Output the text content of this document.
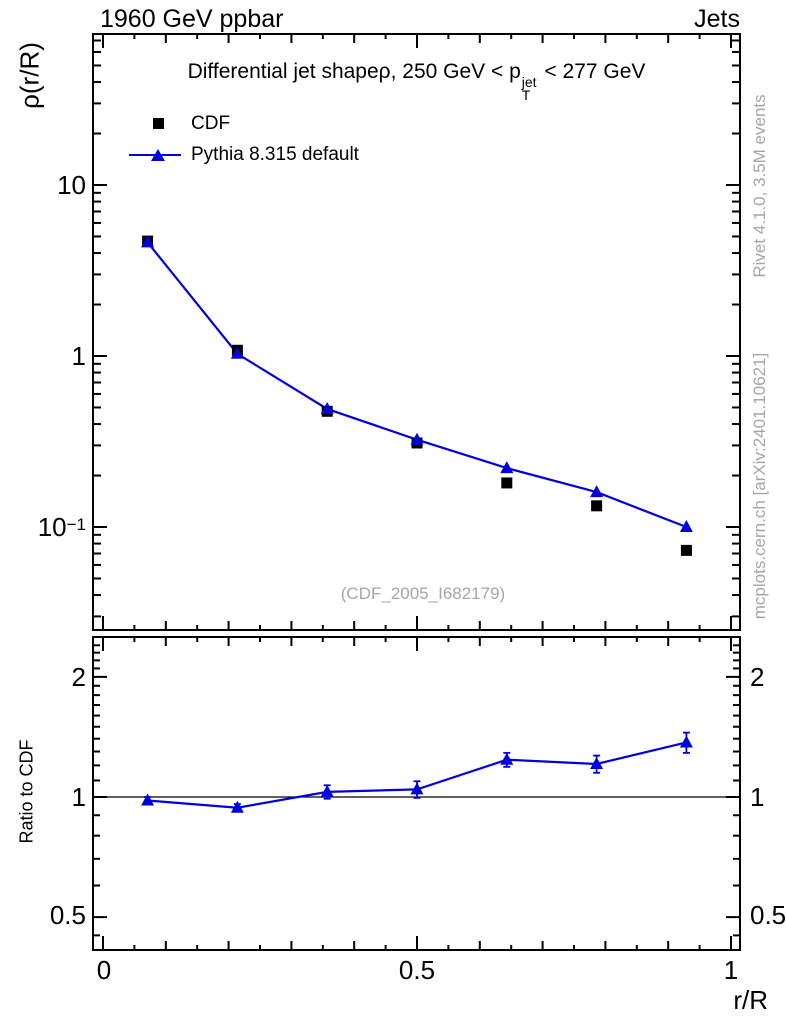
1960 GeV ppbar	Jets
Differential jet shapeρ, 250 GeV < p jet
T
< 277 GeV
CDF
Pythia 8.315 default
10
1
$10^{-1}$
2
1
0.5
2
1
0.5
0	0.5	1
r/R
ρ(r/R)
Ratio to CDF
Rivet 4.1.0, 3.5M events
mcplots.cern.ch [arXiv:2401.10621]
(CDF_2005_I682179)
